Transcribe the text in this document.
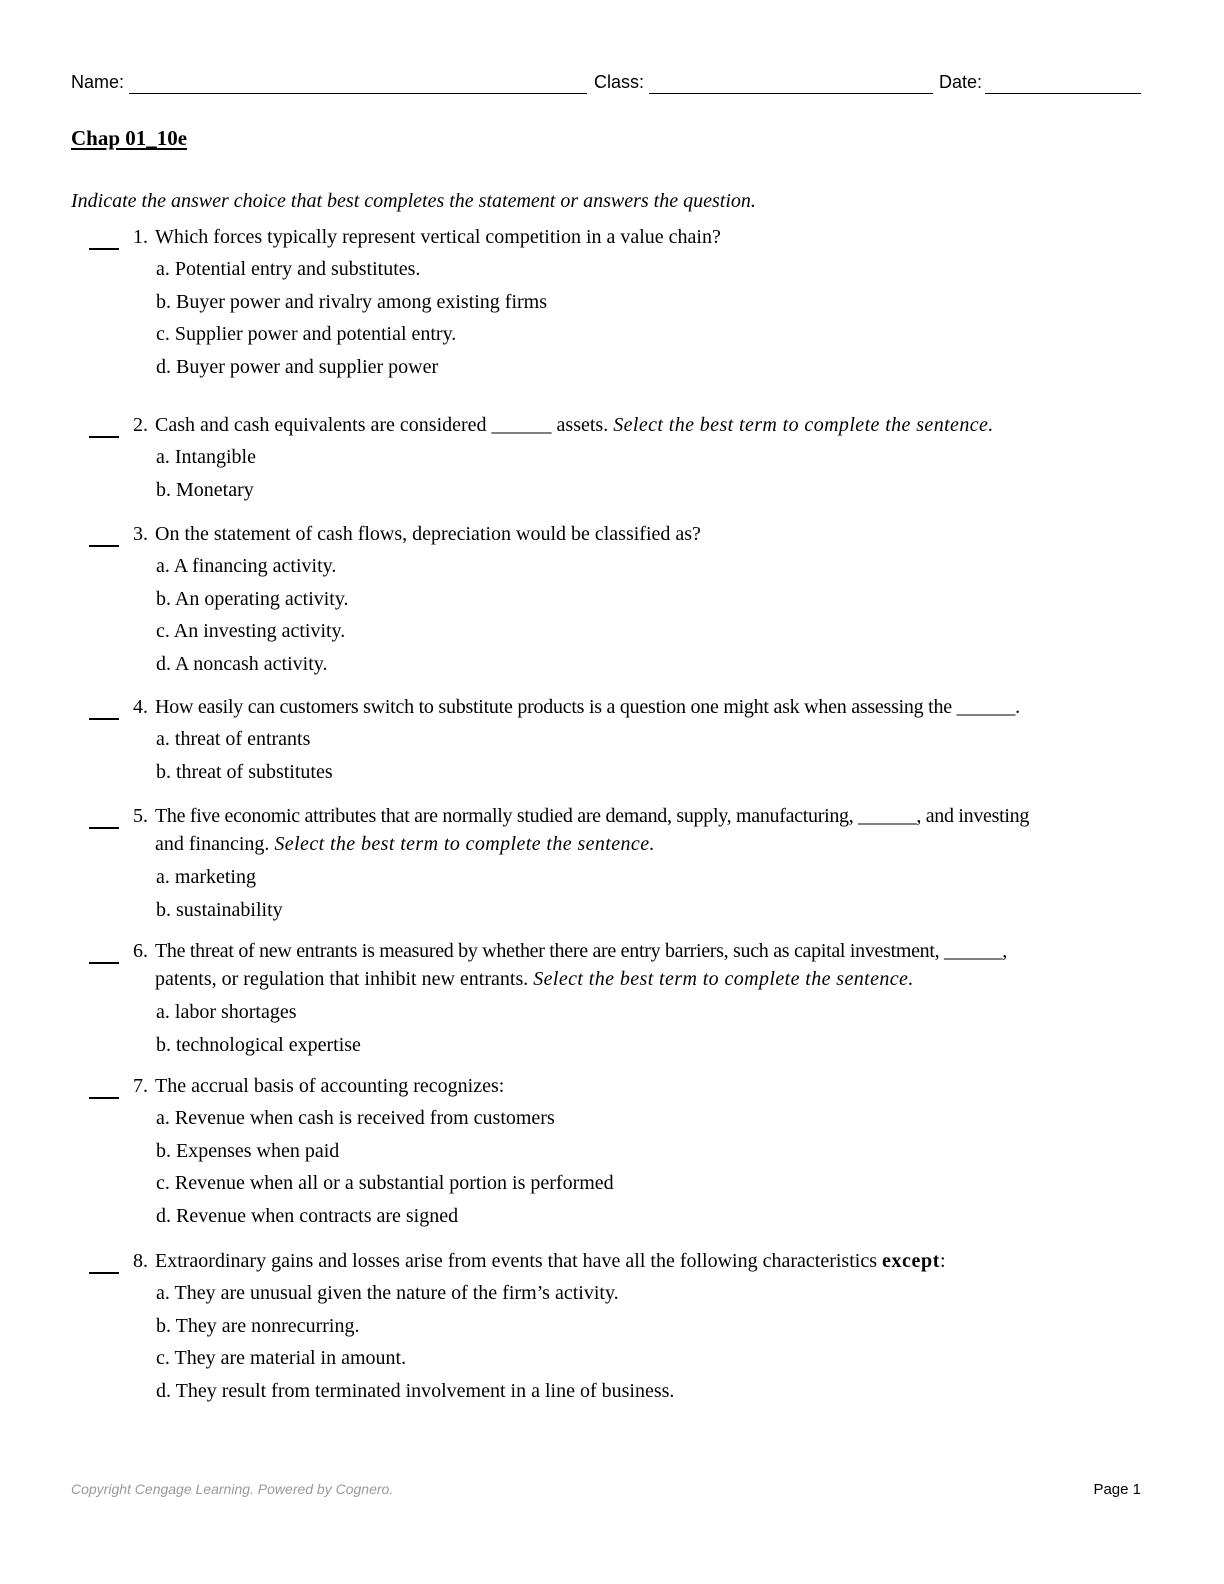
Name:	Class:	Date:
Chap 01_10e
Indicate the answer choice that best completes the statement or answers the question.
1. Which forces typically represent vertical competition in a value chain?
a. Potential entry and substitutes.
b. Buyer power and rivalry among existing firms
c. Supplier power and potential entry.
d. Buyer power and supplier power
2. Cash and cash equivalents are considered ______ assets. Select the best term to complete the sentence.
a. Intangible
b. Monetary
3. On the statement of cash flows, depreciation would be classified as?
a. A financing activity.
b. An operating activity.
c. An investing activity.
d. A noncash activity.
4. How easily can customers switch to substitute products is a question one might ask when assessing the ______.
a. threat of entrants
b. threat of substitutes
5. The five economic attributes that are normally studied are demand, supply, manufacturing, ______, and investing
and financing. Select the best term to complete the sentence.
a. marketing
b. sustainability
6. The threat of new entrants is measured by whether there are entry barriers, such as capital investment, ______,
patents, or regulation that inhibit new entrants. Select the best term to complete the sentence.
a. labor shortages
b. technological expertise
7. The accrual basis of accounting recognizes:
a. Revenue when cash is received from customers
b. Expenses when paid
c. Revenue when all or a substantial portion is performed
d. Revenue when contracts are signed
8. Extraordinary gains and losses arise from events that have all the following characteristics except:
a. They are unusual given the nature of the firm’s activity.
b. They are nonrecurring.
c. They are material in amount.
d. They result from terminated involvement in a line of business.
Copyright Cengage Learning. Powered by Cognero.	Page 1
